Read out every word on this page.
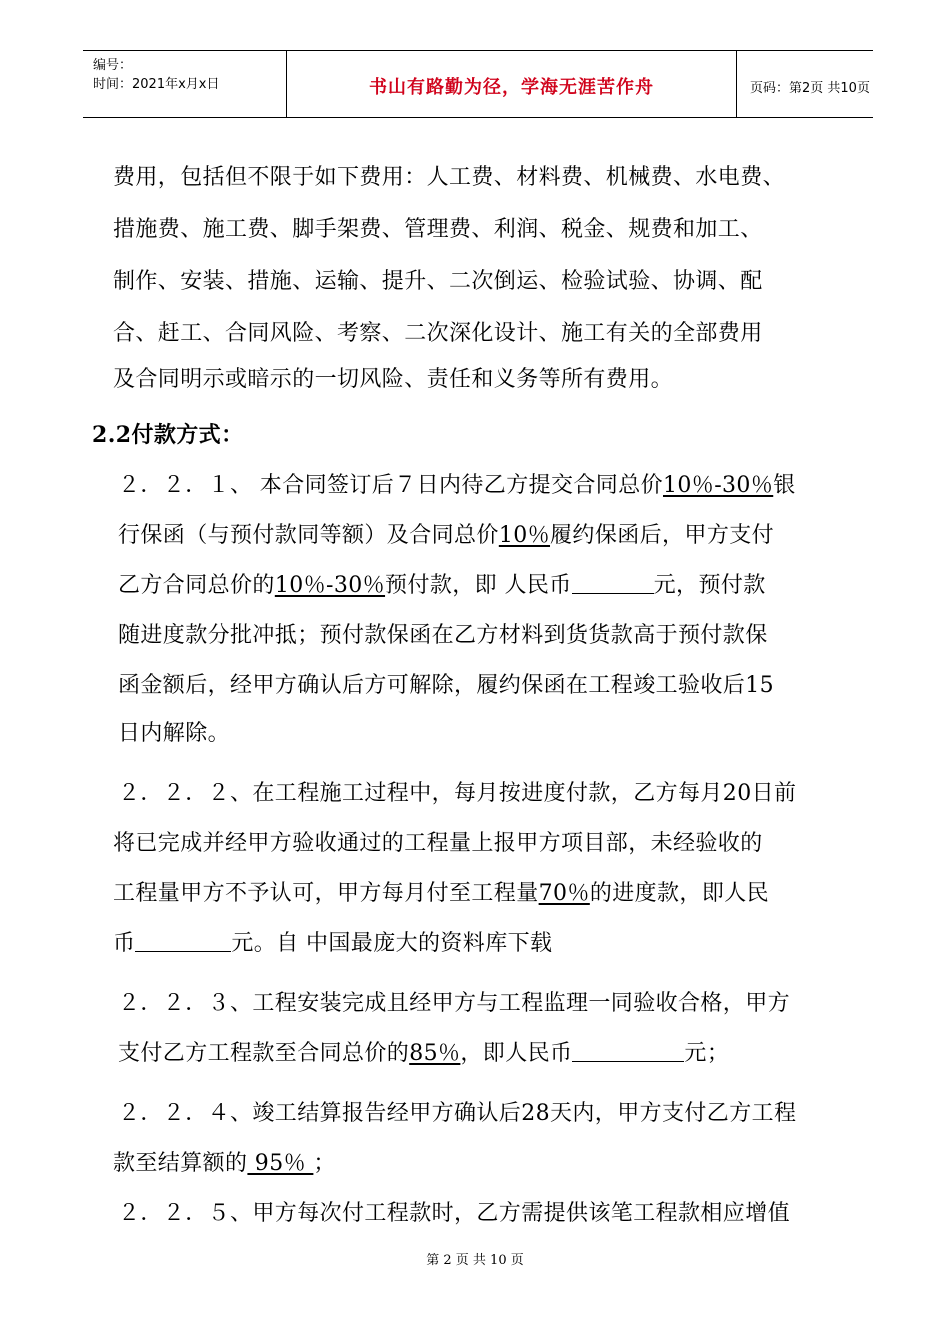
编号：
时间：2021年x月x日	书山有路勤为径，学海无涯苦作舟	页码：第2页 共10页
费用，包括但不限于如下费用：人工费、材料费、机械费、水电费、
措施费、施工费、脚手架费、管理费、利润、税金、规费和加工、
制作、安装、措施、运输、提升、二次倒运、检验试验、协调、配
合、赶工、合同风险、考察、二次深化设计、施工有关的全部费用
及合同明示或暗示的一切风险、责任和义务等所有费用。
2.2付款方式：
２．２．１、 本合同签订后７日内待乙方提交合同总价10％-30％银
行保函（与预付款同等额）及合同总价10％履约保函后，甲方支付
乙方合同总价的10％-30％预付款，即 人民币	元，预付款
随进度款分批冲抵；预付款保函在乙方材料到货货款高于预付款保
函金额后，经甲方确认后方可解除，履约保函在工程竣工验收后15
日内解除。
２．２．２、在工程施工过程中，每月按进度付款，乙方每月20日前
将已完成并经甲方验收通过的工程量上报甲方项目部，未经验收的
工程量甲方不予认可，甲方每月付至工程量70％的进度款，即人民
币	元。自 中国最庞大的资料库下载
２．２．３、工程安装完成且经甲方与工程监理一同验收合格，甲方
支付乙方工程款至合同总价的85％，即人民币	元；
２．２．４、竣工结算报告经甲方确认后28天内，甲方支付乙方工程
款至结算额的 95％ ；
２．２．５、甲方每次付工程款时，乙方需提供该笔工程款相应增值
第 2 页 共 10 页
